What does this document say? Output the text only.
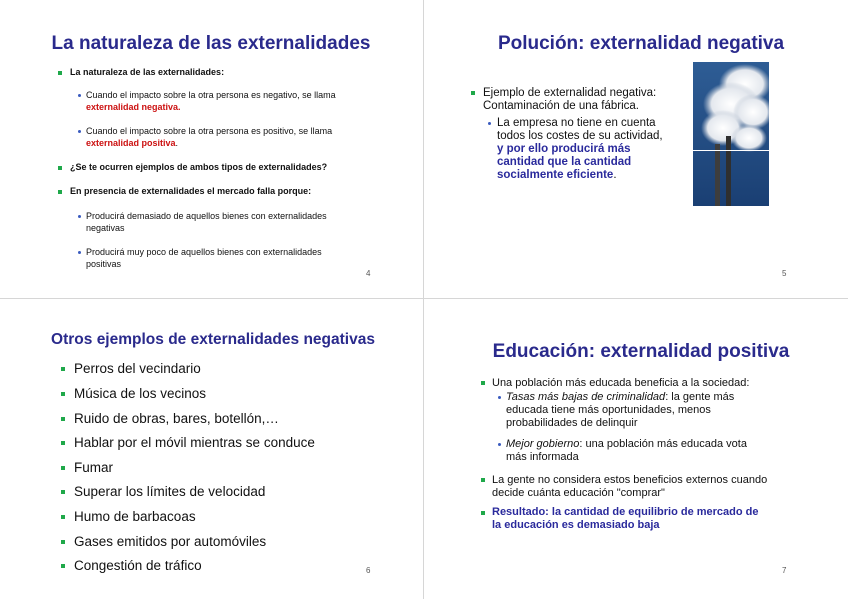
La naturaleza de las externalidades
La naturaleza de las externalidades:
Cuando el impacto sobre la otra persona es negativo, se llama
externalidad negativa.
Cuando el impacto sobre la otra persona es positivo, se llama
externalidad positiva.
¿Se te ocurren ejemplos de ambos tipos de externalidades?
En presencia de externalidades el mercado falla porque:
Producirá demasiado de aquellos bienes con externalidades
negativas
Producirá muy poco de aquellos bienes con externalidades
positivas
4
Polución: externalidad negativa
Ejemplo de externalidad negativa:
Contaminación de una fábrica.
La empresa no tiene en cuenta
todos los costes de su actividad,
y por ello producirá más
cantidad que la cantidad
socialmente eficiente.
5
Otros ejemplos de externalidades negativas
Perros del vecindario
Música de los vecinos
Ruido de obras, bares, botellón,…
Hablar por el móvil mientras se conduce
Fumar
Superar los límites de velocidad
Humo de barbacoas
Gases emitidos por automóviles
Congestión de tráfico	6
Educación: externalidad positiva
Una población más educada beneficia a la sociedad:
Tasas más bajas de criminalidad: la gente más
educada tiene más oportunidades, menos
probabilidades de delinquir
Mejor gobierno: una población más educada vota
más informada
La gente no considera estos beneficios externos cuando
decide cuánta educación "comprar"
Resultado: la cantidad de equilibrio de mercado de
la educación es demasiado baja
7
